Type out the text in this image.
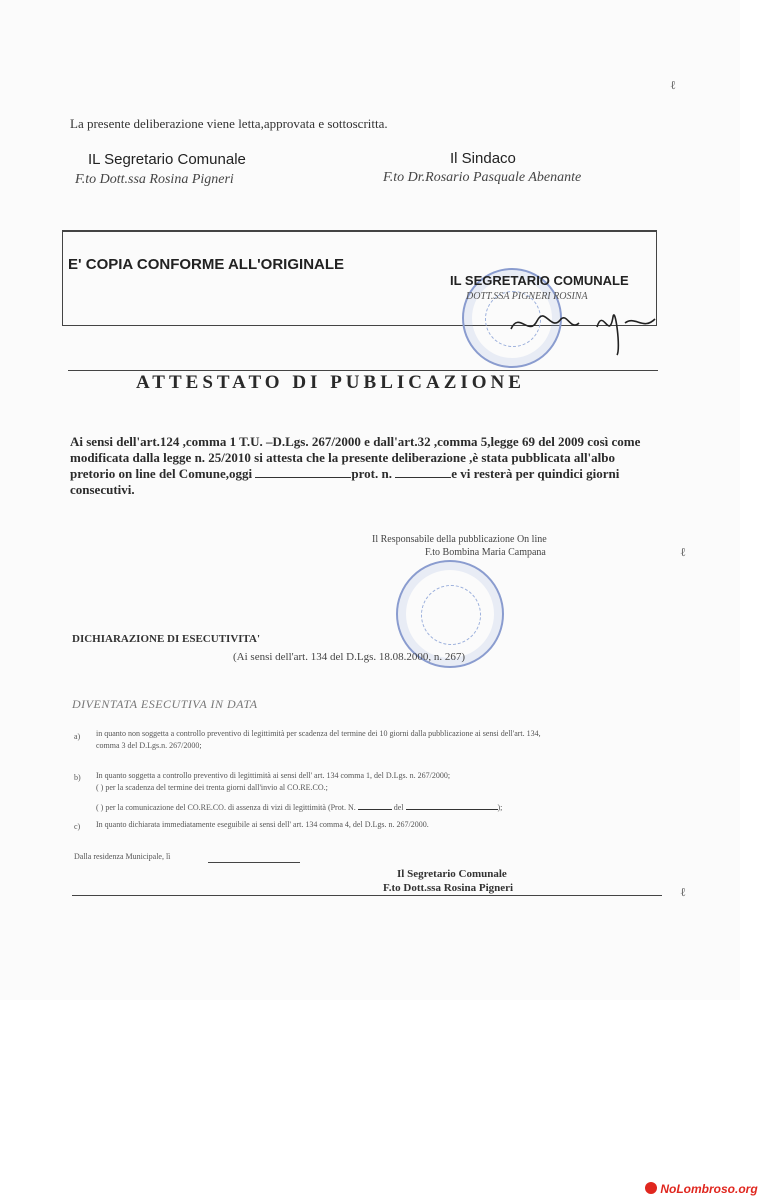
ℓ
ℓ
ℓ
La presente deliberazione viene letta,approvata e sottoscritta.
IL Segretario Comunale
F.to Dott.ssa Rosina Pigneri
Il Sindaco
F.to Dr.Rosario Pasquale Abenante
E' COPIA CONFORME ALL'ORIGINALE
IL SEGRETARIO COMUNALE
DOTT.SSA PIGNERI ROSINA
ATTESTATO DI PUBLICAZIONE
Ai sensi dell'art.124 ,comma 1 T.U. –D.Lgs. 267/2000 e dall'art.32 ,comma 5,legge 69 del 2009 così come modificata dalla legge n. 25/2010 si attesta che la presente deliberazione ,è stata pubblicata all'albo pretorio on line del Comune,oggi	prot. n.	e vi resterà per quindici giorni consecutivi.
Il Responsabile della pubblicazione On line
F.to Bombina Maria Campana
DICHIARAZIONE DI ESECUTIVITA'
(Ai sensi dell'art. 134 del D.Lgs. 18.08.2000, n. 267)
DIVENTATA ESECUTIVA IN DATA
a) in quanto non soggetta a controllo preventivo di legittimità per scadenza del termine dei 10 giorni dalla pubblicazione ai sensi dell'art. 134,
comma 3 del D.Lgs.n. 267/2000;
b) In quanto soggetta a controllo preventivo di legittimità ai sensi dell' art. 134 comma 1, del D.Lgs. n. 267/2000;
( ) per la scadenza del termine dei trenta giorni dall'invio al CO.RE.CO.;
( ) per la comunicazione del CO.RE.CO. di assenza di vizi di legittimità (Prot. N.	del	);
c) In quanto dichiarata immediatamente eseguibile ai sensi dell' art. 134 comma 4, del D.Lgs. n. 267/2000.
Dalla residenza Municipale, lì
Il Segretario Comunale
F.to Dott.ssa Rosina Pigneri
NoLombroso.org
